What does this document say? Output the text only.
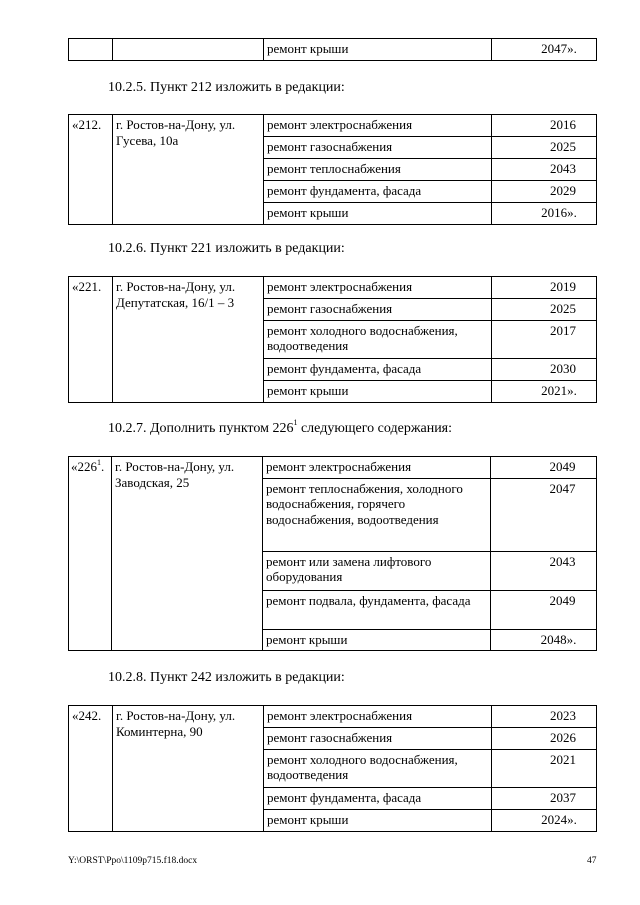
		ремонт крыши	2047».
10.2.5. Пункт 212 изложить в редакции:
«212.	г. Ростов-на-Дону, ул. Гусева, 10а	ремонт электроснабжения	2016
		ремонт газоснабжения	2025
		ремонт теплоснабжения	2043
		ремонт фундамента, фасада	2029
		ремонт крыши	2016».
10.2.6. Пункт 221 изложить в редакции:
«221.	г. Ростов-на-Дону, ул. Депутатская, 16/1 – 3	ремонт электроснабжения	2019
		ремонт газоснабжения	2025
		ремонт холодного водоснабжения, водоотведения	2017
		ремонт фундамента, фасада	2030
		ремонт крыши	2021».
10.2.7. Дополнить пунктом $226^1$ следующего содержания:
«$226^1$.	г. Ростов-на-Дону, ул. Заводская, 25	ремонт электроснабжения	2049
		ремонт теплоснабжения, холодного водоснабжения, горячего водоснабжения, водоотведения	2047
		ремонт или замена лифтового оборудования	2043
		ремонт подвала, фундамента, фасада	2049
		ремонт крыши	2048».
10.2.8. Пункт 242 изложить в редакции:
«242.	г. Ростов-на-Дону, ул. Коминтерна, 90	ремонт электроснабжения	2023
		ремонт газоснабжения	2026
		ремонт холодного водоснабжения, водоотведения	2021
		ремонт фундамента, фасада	2037
		ремонт крыши	2024».
Y:\ORST\Ppo\1109p715.f18.docx	47
